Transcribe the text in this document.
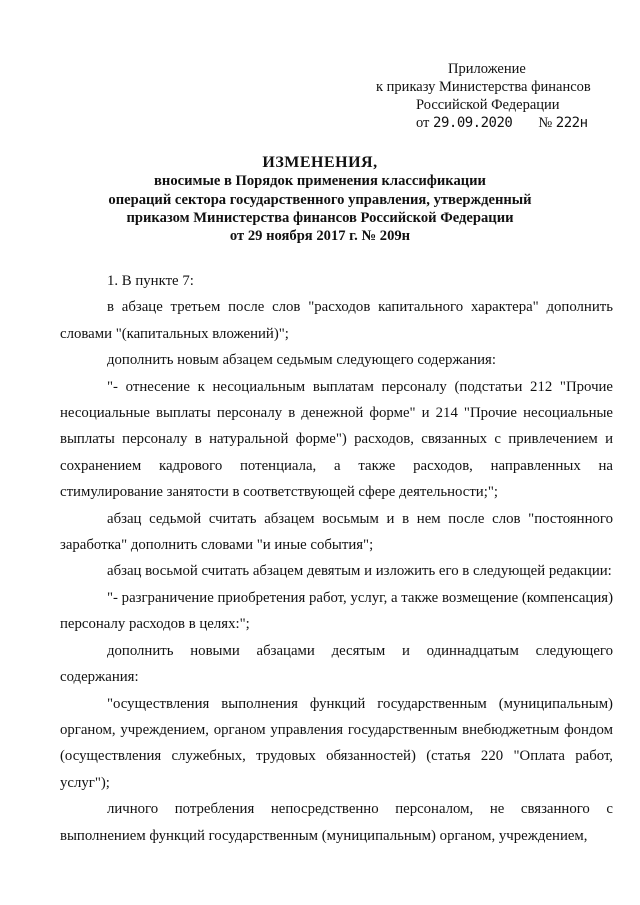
Приложение
к приказу Министерства финансов
Российской Федерации
от 29.09.2020 № 222н
ИЗМЕНЕНИЯ,
вносимые в Порядок применения классификации
операций сектора государственного управления, утвержденный
приказом Министерства финансов Российской Федерации
от 29 ноября 2017 г. № 209н

1. В пункте 7:

в абзаце третьем после слов "расходов капитального характера" дополнить словами "(капитальных вложений)";

дополнить новым абзацем седьмым следующего содержания:

"- отнесение к несоциальным выплатам персоналу (подстатьи 212 "Прочие несоциальные выплаты персоналу в денежной форме" и 214 "Прочие несоциальные выплаты персоналу в натуральной форме") расходов, связанных с привлечением и сохранением кадрового потенциала, а также расходов, направленных на стимулирование занятости в соответствующей сфере деятельности;";

абзац седьмой считать абзацем восьмым и в нем после слов "постоянного заработка" дополнить словами "и иные события";

абзац восьмой считать абзацем девятым и изложить его в следующей редакции:

"- разграничение приобретения работ, услуг, а также возмещение (компенсация) персоналу расходов в целях:";

дополнить новыми абзацами десятым и одиннадцатым следующего содержания:

"осуществления выполнения функций государственным (муниципальным) органом, учреждением, органом управления государственным внебюджетным фондом (осуществления служебных, трудовых обязанностей) (статья 220 "Оплата работ, услуг");

личного потребления непосредственно персоналом, не связанного с выполнением функций государственным (муниципальным) органом, учреждением,
